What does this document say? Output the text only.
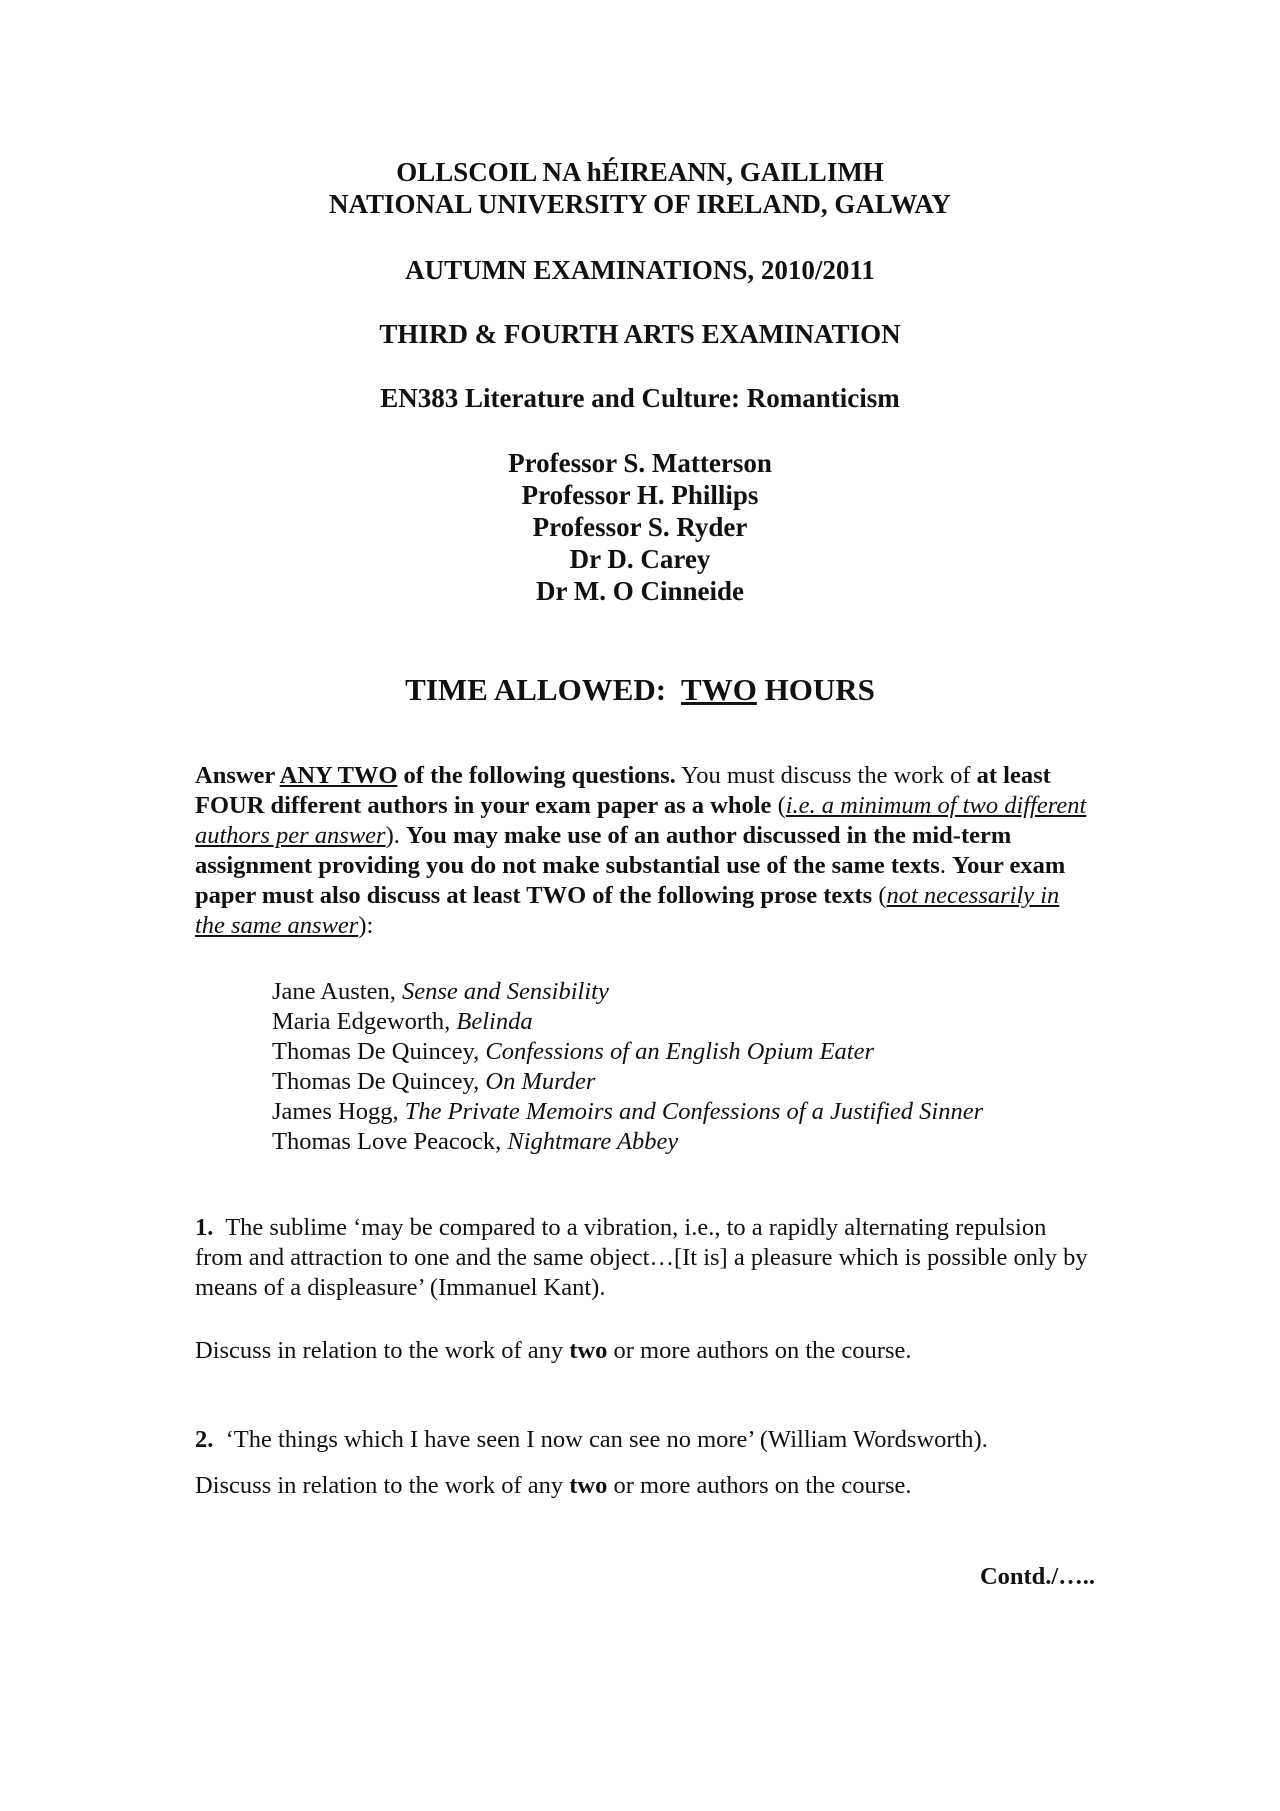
OLLSCOIL NA hÉIREANN, GAILLIMH
NATIONAL UNIVERSITY OF IRELAND, GALWAY
AUTUMN EXAMINATIONS, 2010/2011
THIRD & FOURTH ARTS EXAMINATION
EN383 Literature and Culture: Romanticism
Professor S. Matterson
Professor H. Phillips
Professor S. Ryder
Dr D. Carey
Dr M. O Cinneide
TIME ALLOWED:  TWO HOURS
Answer ANY TWO of the following questions. You must discuss the work of at least FOUR different authors in your exam paper as a whole (i.e. a minimum of two different authors per answer). You may make use of an author discussed in the mid-term assignment providing you do not make substantial use of the same texts. Your exam paper must also discuss at least TWO of the following prose texts (not necessarily in the same answer):
Jane Austen, Sense and Sensibility
Maria Edgeworth, Belinda
Thomas De Quincey, Confessions of an English Opium Eater
Thomas De Quincey, On Murder
James Hogg, The Private Memoirs and Confessions of a Justified Sinner
Thomas Love Peacock, Nightmare Abbey
1. The sublime ‘may be compared to a vibration, i.e., to a rapidly alternating repulsion from and attraction to one and the same object…[It is] a pleasure which is possible only by means of a displeasure’ (Immanuel Kant).
Discuss in relation to the work of any two or more authors on the course.
2. ‘The things which I have seen I now can see no more’ (William Wordsworth).
Discuss in relation to the work of any two or more authors on the course.
Contd./…..
